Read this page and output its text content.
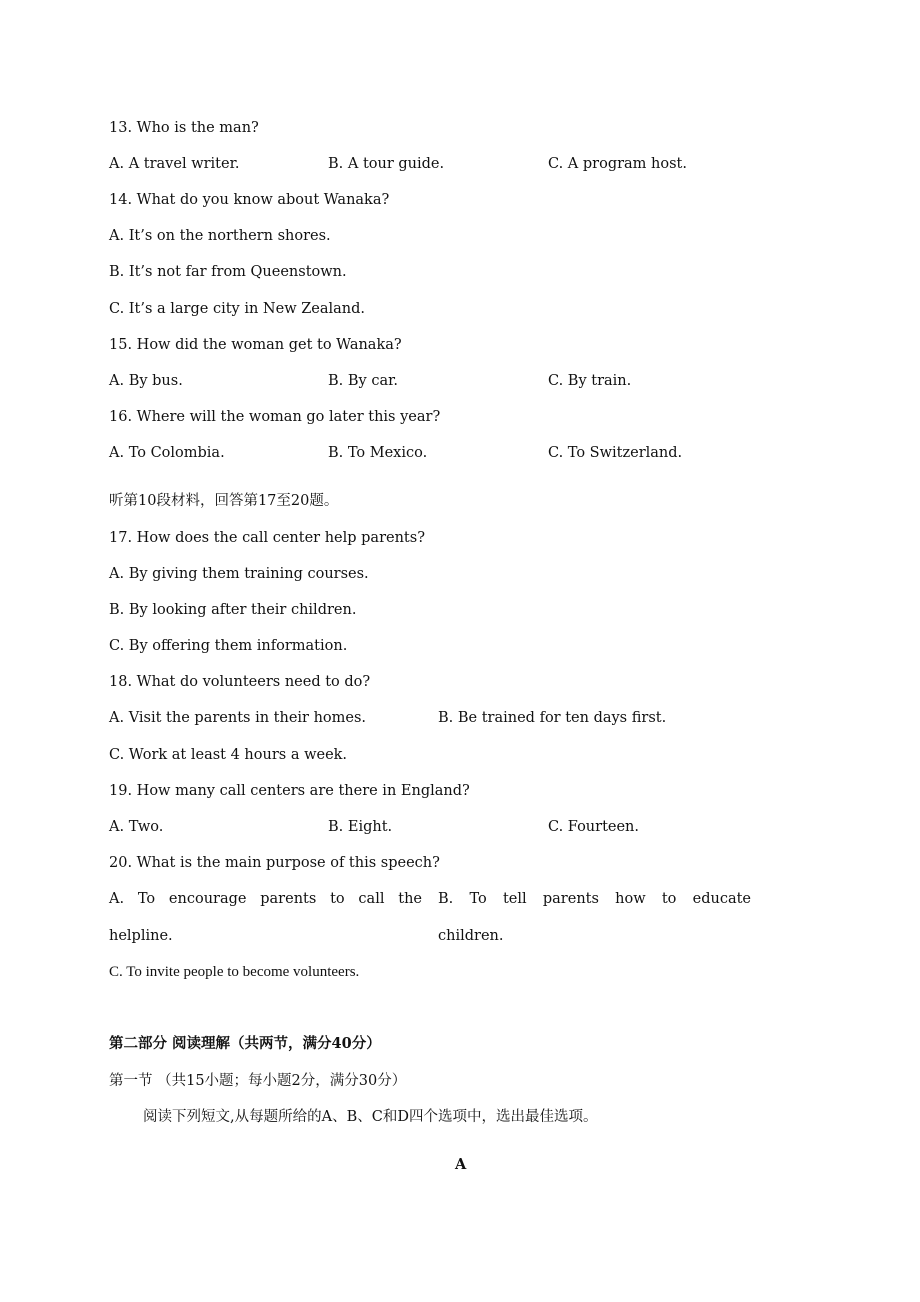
13. Who is the man?
A. A travel writer.	B. A tour guide.	C. A program host.
14. What do you know about Wanaka?
A. It’s on the northern shores.
B. It’s not far from Queenstown.
C. It’s a large city in New Zealand.
15. How did the woman get to Wanaka?
A. By bus.	B. By car.	C. By train.
16. Where will the woman go later this year?
A. To Colombia.	B. To Mexico.	C. To Switzerland.
听第10段材料，回答第17至20题。
17. How does the call center help parents?
A. By giving them training courses.
B. By looking after their children.
C. By offering them information.
18. What do volunteers need to do?
A. Visit the parents in their homes.	B. Be trained for ten days first.
C. Work at least 4 hours a week.
19. How many call centers are there in England?
A. Two.	B. Eight.	C. Fourteen.
20. What is the main purpose of this speech?
A. To encourage parents to call the B. To tell parents how to educate
helpline.	children.
C. To invite people to become volunteers.
第二部分 阅读理解（共两节，满分40分）
第一节 （共15小题；每小题2分，满分30分）
阅读下列短文,从每题所给的A、B、C和D四个选项中，选出最佳选项。
A
